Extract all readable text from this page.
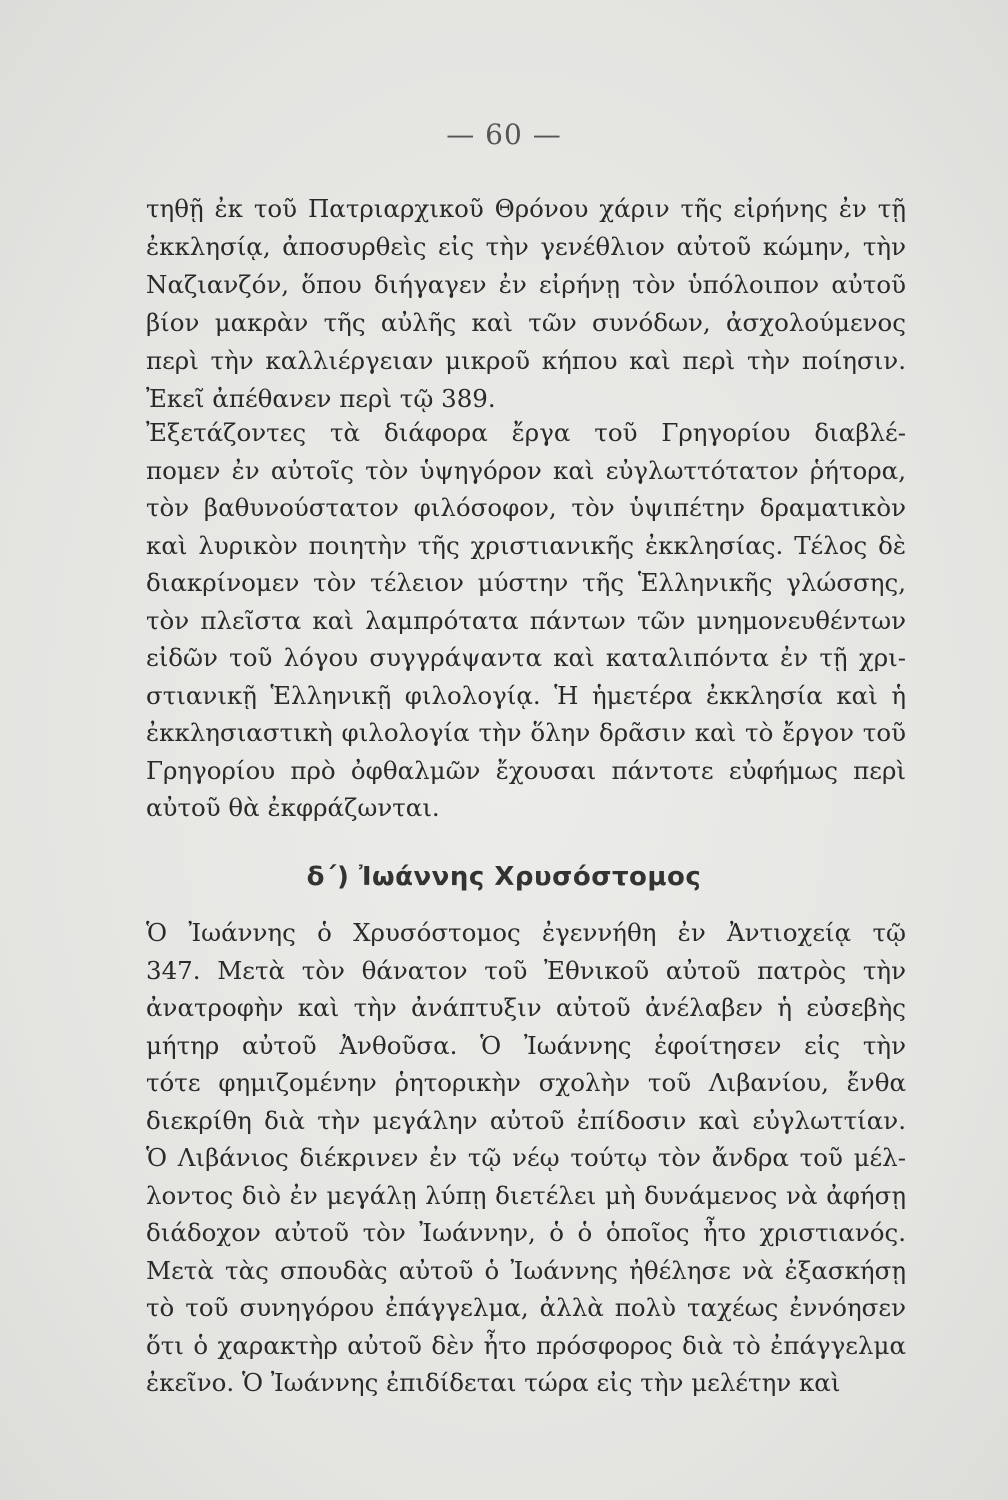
— 60 —
τηθῇ ἐκ τοῦ Πατριαρχικοῦ Θρόνου χάριν τῆς εἰρήνης ἐν τῇ
ἐκκλησίᾳ, ἀποσυρθεὶς εἰς τὴν γενέθλιον αὐτοῦ κώμην, τὴν
Ναζιανζόν, ὅπου διήγαγεν ἐν εἰρήνῃ τὸν ὑπόλοιπον αὐτοῦ
βίον μακρὰν τῆς αὐλῆς καὶ τῶν συνόδων, ἀσχολούμενος
περὶ τὴν καλλιέργειαν μικροῦ κήπου καὶ περὶ τὴν ποίησιν.
Ἐκεῖ ἀπέθανεν περὶ τῷ 389.
Ἐξετάζοντες τὰ διάφορα ἔργα τοῦ Γρηγορίου διαβλέ-
πομεν ἐν αὐτοῖς τὸν ὑψηγόρον καὶ εὐγλωττότατον ῥήτορα,
τὸν βαθυνούστατον φιλόσοφον, τὸν ὑψιπέτην δραματικὸν
καὶ λυρικὸν ποιητὴν τῆς χριστιανικῆς ἐκκλησίας. Τέλος δὲ
διακρίνομεν τὸν τέλειον μύστην τῆς Ἑλληνικῆς γλώσσης,
τὸν πλεῖστα καὶ λαμπρότατα πάντων τῶν μνημονευθέντων
εἰδῶν τοῦ λόγου συγγράψαντα καὶ καταλιπόντα ἐν τῇ χρι-
στιανικῇ Ἑλληνικῇ φιλολογίᾳ. Ἡ ἡμετέρα ἐκκλησία καὶ ἡ
ἐκκλησιαστικὴ φιλολογία τὴν ὅλην δρᾶσιν καὶ τὸ ἔργον τοῦ
Γρηγορίου πρὸ ὀφθαλμῶν ἔχουσαι πάντοτε εὐφήμως περὶ
αὐτοῦ θὰ ἐκφράζωνται.
δ΄) Ἰωάννης Χρυσόστομος
Ὁ Ἰωάννης ὁ Χρυσόστομος ἐγεννήθη ἐν Ἀντιοχείᾳ τῷ
347. Μετὰ τὸν θάνατον τοῦ Ἐθνικοῦ αὐτοῦ πατρὸς τὴν
ἀνατροφὴν καὶ τὴν ἀνάπτυξιν αὐτοῦ ἀνέλαβεν ἡ εὐσεβὴς
μήτηρ αὐτοῦ Ἀνθοῦσα. Ὁ Ἰωάννης ἐφοίτησεν εἰς τὴν
τότε φημιζομένην ῥητορικὴν σχολὴν τοῦ Λιβανίου, ἔνθα
διεκρίθη διὰ τὴν μεγάλην αὐτοῦ ἐπίδοσιν καὶ εὐγλωττίαν.
Ὁ Λιβάνιος διέκρινεν ἐν τῷ νέῳ τούτῳ τὸν ἄνδρα τοῦ μέλ-
λοντος διὸ ἐν μεγάλῃ λύπῃ διετέλει μὴ δυνάμενος νὰ ἀφήσῃ
διάδοχον αὐτοῦ τὸν Ἰωάννην, ὁ ὁ ὁποῖος ἦτο χριστιανός.
Μετὰ τὰς σπουδὰς αὐτοῦ ὁ Ἰωάννης ἠθέλησε νὰ ἐξασκήσῃ
τὸ τοῦ συνηγόρου ἐπάγγελμα, ἀλλὰ πολὺ ταχέως ἐννόησεν
ὅτι ὁ χαρακτὴρ αὐτοῦ δὲν ἦτο πρόσφορος διὰ τὸ ἐπάγγελμα
ἐκεῖνο. Ὁ Ἰωάννης ἐπιδίδεται τώρα εἰς τὴν μελέτην καὶ
